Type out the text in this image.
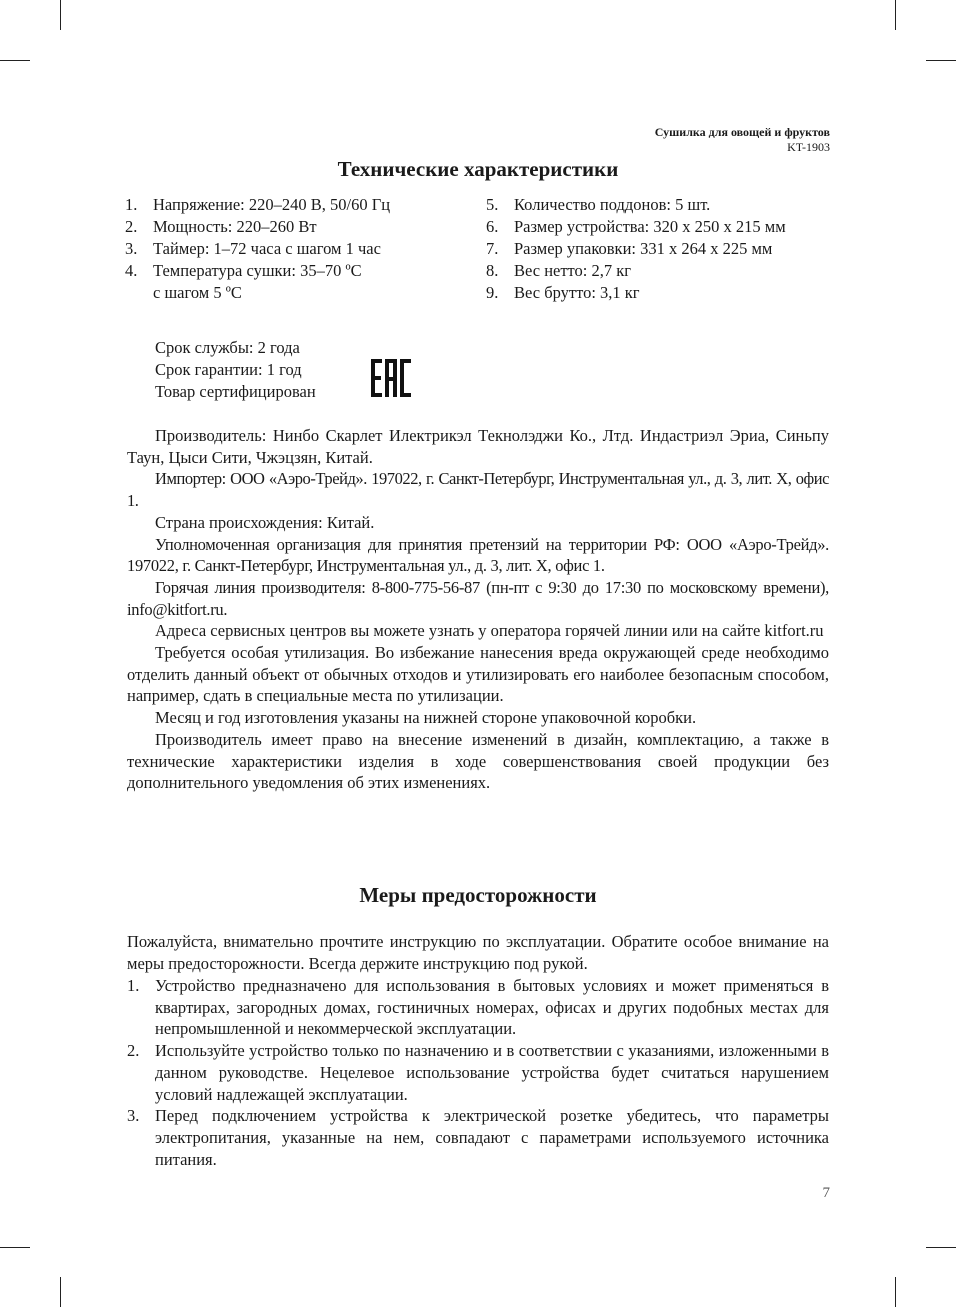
Сушилка для овощей и фруктов
KT-1903
Технические характеристики
1. Напряжение: 220–240 В, 50/60 Гц
2. Мощность: 220–260 Вт
3. Таймер: 1–72 часа с шагом 1 час
4. Температура сушки: 35–70 ºС
с шагом 5 ºС
5. Количество поддонов: 5 шт.
6. Размер устройства: 320 x 250 x 215 мм
7. Размер упаковки: 331 x 264 x 225 мм
8. Вес нетто: 2,7 кг
9. Вес брутто: 3,1 кг
Срок службы: 2 года
Срок гарантии: 1 год
Товар сертифицирован

Производитель: Нинбо Скарлет Илектрикэл Текнолэджи Ко., Лтд. Индастриэл Эриа, Синьпу Таун, Цыси Сити, Чжэцзян, Китай.

Импортер: ООО «Аэро-Трейд». 197022, г. Санкт-Петербург, Инструментальная ул., д. 3, лит. Х, офис 1.

Страна происхождения: Китай.

Уполномоченная организация для принятия претензий на территории РФ: ООО «Аэро-Трейд». 197022, г. Санкт-Петербург, Инструментальная ул., д. 3, лит. Х, офис 1.

Горячая линия производителя: 8-800-775-56-87 (пн-пт с 9:30 до 17:30 по московскому времени), info@kitfort.ru.

Адреса сервисных центров вы можете узнать у оператора горячей линии или на сайте kitfort.ru

Требуется особая утилизация. Во избежание нанесения вреда окружающей среде необходимо отделить данный объект от обычных отходов и утилизировать его наиболее безопасным способом, например, сдать в специальные места по утилизации.

Месяц и год изготовления указаны на нижней стороне упаковочной коробки.

Производитель имеет право на внесение изменений в дизайн, комплектацию, а также в технические характеристики изделия в ходе совершенствования своей продукции без дополнительного уведомления об этих изменениях.

Меры предосторожности

Пожалуйста, внимательно прочтите инструкцию по эксплуатации. Обратите особое внимание на меры предосторожности. Всегда держите инструкцию под рукой.

1. Устройство предназначено для использования в бытовых условиях и может применяться в квартирах, загородных домах, гостиничных номерах, офисах и других подобных местах для непромышленной и некоммерческой эксплуатации.
2. Используйте устройство только по назначению и в соответствии с указаниями, изложенными в данном руководстве. Нецелевое использование устройства будет считаться нарушением условий надлежащей эксплуатации.
3. Перед подключением устройства к электрической розетке убедитесь, что параметры электропитания, указанные на нем, совпадают с параметрами используемого источника питания.
7
